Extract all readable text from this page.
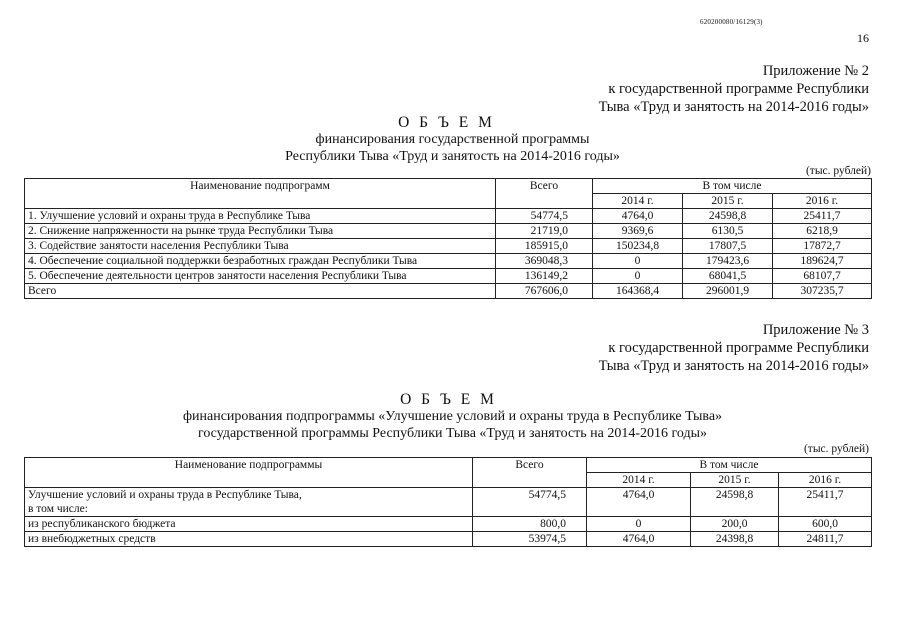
620200080/16129(3)
16
Приложение № 2
к государственной программе Республики
Тыва «Труд и занятость на 2014-2016 годы»
О Б Ъ Е М
финансирования государственной программы
Республики Тыва «Труд и занятость на 2014-2016 годы»
(тыс. рублей)
Наименование подпрограмм	Всего	В том числе		
		2014 г.	2015 г.	2016 г.
1. Улучшение условий и охраны труда в Республике Тыва	54774,5	4764,0	24598,8	25411,7
2. Снижение напряженности на рынке труда Республики Тыва	21719,0	9369,6	6130,5	6218,9
3. Содействие занятости населения Республики Тыва	185915,0	150234,8	17807,5	17872,7
4. Обеспечение социальной поддержки безработных граждан Республики Тыва	369048,3	0	179423,6	189624,7
5. Обеспечение деятельности центров занятости населения Республики Тыва	136149,2	0	68041,5	68107,7
Всего	767606,0	164368,4	296001,9	307235,7
Приложение № 3
к государственной программе Республики
Тыва «Труд и занятость на 2014-2016 годы»
О Б Ъ Е М
финансирования подпрограммы «Улучшение условий и охраны труда в Республике Тыва»
государственной программы Республики Тыва «Труд и занятость на 2014-2016 годы»
(тыс. рублей)
Наименование подпрограммы	Всего	В том числе		
		2014 г.	2015 г.	2016 г.

Улучшение условий и охраны труда в Республике Тыва,
в том числе:	54774,5	4764,0	24598,8	25411,7
из республиканского бюджета	800,0	0	200,0	600,0
из внебюджетных средств	53974,5	4764,0	24398,8	24811,7
